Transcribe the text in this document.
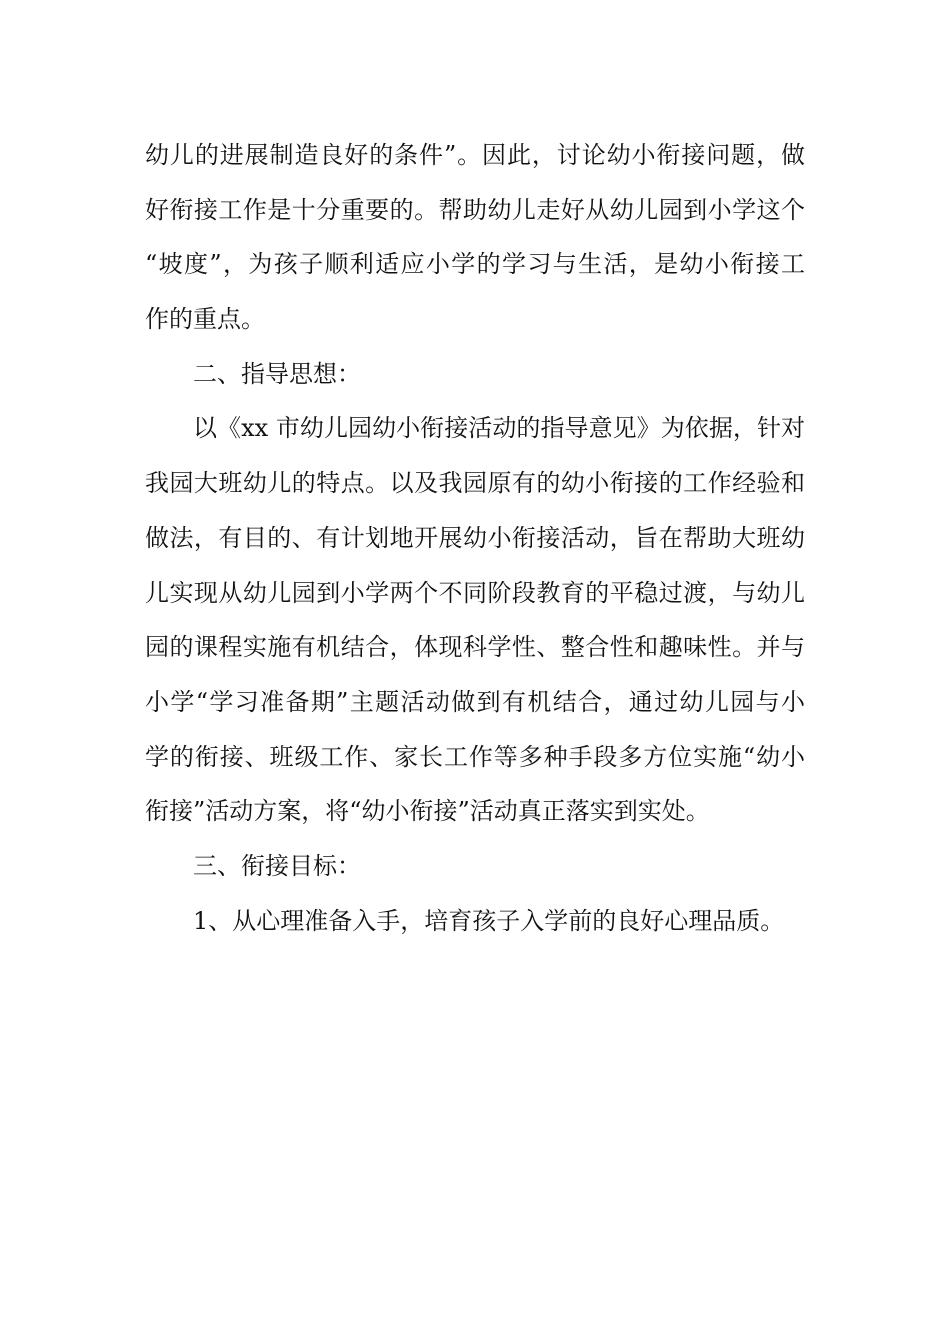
幼儿的进展制造良好的条件”。因此，讨论幼小衔接问题，做

好衔接工作是十分重要的。帮助幼儿走好从幼儿园到小学这个

“坡度”，为孩子顺利适应小学的学习与生活，是幼小衔接工

作的重点。

二、指导思想：

以《xx 市幼儿园幼小衔接活动的指导意见》为依据，针对

我园大班幼儿的特点。以及我园原有的幼小衔接的工作经验和

做法，有目的、有计划地开展幼小衔接活动，旨在帮助大班幼

儿实现从幼儿园到小学两个不同阶段教育的平稳过渡，与幼儿

园的课程实施有机结合，体现科学性、整合性和趣味性。并与

小学“学习准备期”主题活动做到有机结合，通过幼儿园与小

学的衔接、班级工作、家长工作等多种手段多方位实施“幼小

衔接”活动方案，将“幼小衔接”活动真正落实到实处。

三、衔接目标：

1、从心理准备入手，培育孩子入学前的良好心理品质。
